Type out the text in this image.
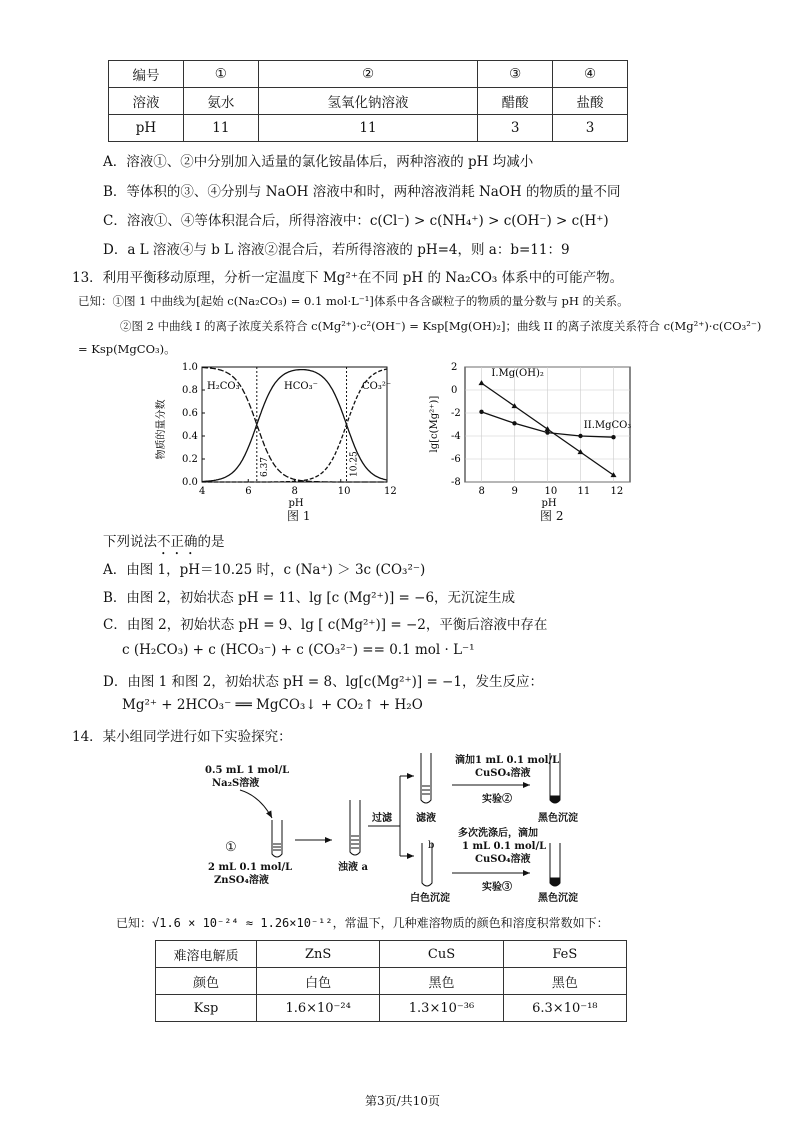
编号	①	②	③	④
溶液	氨水	氢氧化钠溶液	醋酸	盐酸
pH	11	11	3	3
A．溶液①、②中分别加入适量的氯化铵晶体后，两种溶液的 pH 均减小
B．等体积的③、④分别与 NaOH 溶液中和时，两种溶液消耗 NaOH 的物质的量不同
C．溶液①、④等体积混合后，所得溶液中：c(Cl⁻) > c(NH₄⁺) > c(OH⁻) > c(H⁺)
D．a L 溶液④与 b L 溶液②混合后，若所得溶液的 pH=4，则 a：b=11：9
13．利用平衡移动原理，分析一定温度下 Mg²⁺在不同 pH 的 Na₂CO₃ 体系中的可能产物。
已知：①图 1 中曲线为[起始 c(Na₂CO₃) = 0.1 mol·L⁻¹]体系中各含碳粒子的物质的量分数与 pH 的关系。
②图 2 中曲线 I 的离子浓度关系符合 c(Mg²⁺)·c²(OH⁻) = Ksp[Mg(OH)₂]；曲线 II 的离子浓度关系符合 c(Mg²⁺)·c(CO₃²⁻)
= Ksp(MgCO₃)。
4	6	8	10	12
0.0
0.2
0.4
0.6
0.8
1.0
H₂CO₃	HCO₃⁻	CO₃²⁻
6.37	10.25
pH
物质的量分数
图 1
8	9	10 11 12
2
0
-2
-4
-6
-8
I.Mg(OH)₂
II.MgCO₃
pH
lg[c(Mg²⁺)]
图 2
下列说法不正确的是
A．由图 1，pH＝10.25 时，c (Na⁺) ＞ 3c (CO₃²⁻)
B．由图 2，初始状态 pH = 11、lg [c (Mg²⁺)] = −6，无沉淀生成
C．由图 2，初始状态 pH = 9、lg [ c(Mg²⁺)] = −2，平衡后溶液中存在
c (H₂CO₃) + c (HCO₃⁻) + c (CO₃²⁻) == 0.1 mol · L⁻¹
D．由图 1 和图 2，初始状态 pH = 8、lg[c(Mg²⁺)] = −1，发生反应：
Mg²⁺ + 2HCO₃⁻ ══ MgCO₃↓ + CO₂↑ + H₂O
14．某小组同学进行如下实验探究：
0.5 mL 1 mol/L
Na₂S溶液
①
2 mL 0.1 mol/L
ZnSO₄溶液
浊液 a
过滤 滤液
滴加1 mL 0.1 mol/L
CuSO₄溶液
实验②
黑色沉淀
b
白色沉淀
多次洗涤后，滴加
1 mL 0.1 mol/L
CuSO₄溶液
实验③
黑色沉淀
已知：√1.6 × 10⁻²⁴ ≈ 1.26×10⁻¹²，常温下，几种难溶物质的颜色和溶度积常数如下：
难溶电解质	ZnS	CuS	FeS
颜色	白色	黑色	黑色
Ksp	1.6×10⁻²⁴	1.3×10⁻³⁶	6.3×10⁻¹⁸
第3页/共10页
